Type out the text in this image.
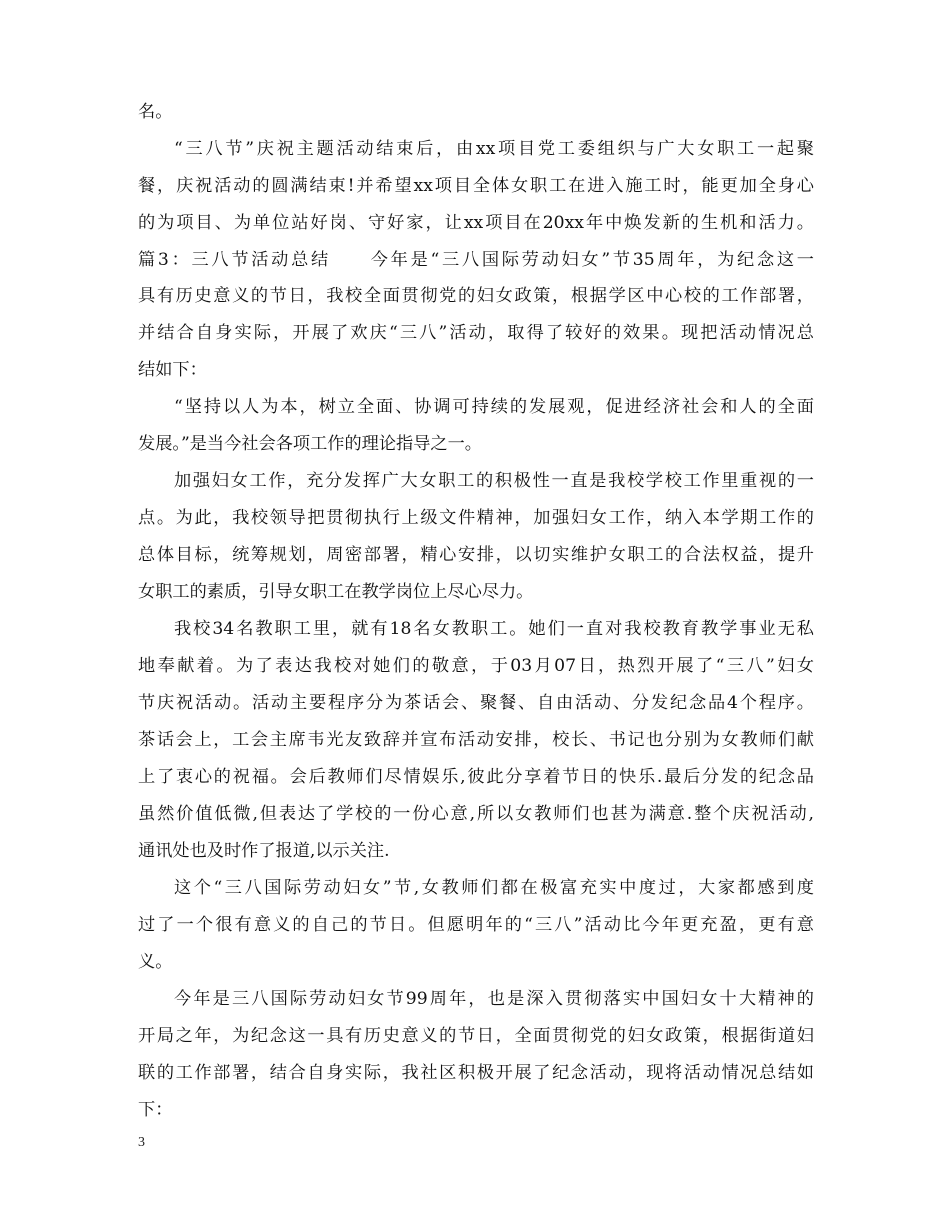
名。
“三八节”庆祝主题活动结束后，由xx项目党工委组织与广大女职工一起聚
餐，庆祝活动的圆满结束!并希望xx项目全体女职工在进入施工时，能更加全身心
的为项目、为单位站好岗、守好家，让xx项目在20xx年中焕发新的生机和活力。
篇3：三八节活动总结　　今年是“三八国际劳动妇女”节35周年，为纪念这一
具有历史意义的节日，我校全面贯彻党的妇女政策，根据学区中心校的工作部署，
并结合自身实际，开展了欢庆“三八”活动，取得了较好的效果。现把活动情况总
结如下：
“坚持以人为本，树立全面、协调可持续的发展观，促进经济社会和人的全面
发展。”是当今社会各项工作的理论指导之一。
加强妇女工作，充分发挥广大女职工的积极性一直是我校学校工作里重视的一
点。为此，我校领导把贯彻执行上级文件精神，加强妇女工作，纳入本学期工作的
总体目标，统筹规划，周密部署，精心安排，以切实维护女职工的合法权益，提升
女职工的素质，引导女职工在教学岗位上尽心尽力。
我校34名教职工里，就有18名女教职工。她们一直对我校教育教学事业无私
地奉献着。为了表达我校对她们的敬意，于03月07日，热烈开展了“三八”妇女
节庆祝活动。活动主要程序分为茶话会、聚餐、自由活动、分发纪念品4个程序。
茶话会上，工会主席韦光友致辞并宣布活动安排，校长、书记也分别为女教师们献
上了衷心的祝福。会后教师们尽情娱乐,彼此分享着节日的快乐.最后分发的纪念品
虽然价值低微,但表达了学校的一份心意,所以女教师们也甚为满意.整个庆祝活动,
通讯处也及时作了报道,以示关注.
这个“三八国际劳动妇女”节,女教师们都在极富充实中度过，大家都感到度
过了一个很有意义的自己的节日。但愿明年的“三八”活动比今年更充盈，更有意
义。
今年是三八国际劳动妇女节99周年，也是深入贯彻落实中国妇女十大精神的
开局之年，为纪念这一具有历史意义的节日，全面贯彻党的妇女政策，根据街道妇
联的工作部署，结合自身实际，我社区积极开展了纪念活动，现将活动情况总结如
下：
3
